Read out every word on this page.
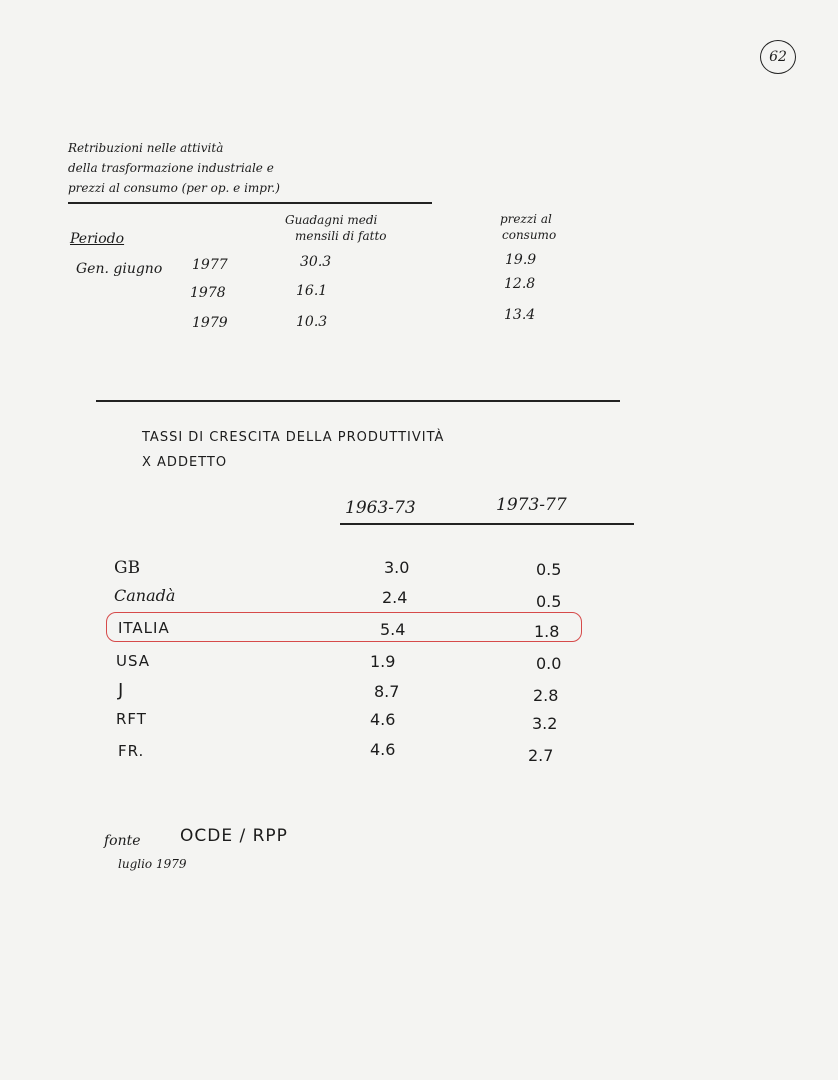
62
Retribuzioni nelle attività
della trasformazione industriale e
prezzi al consumo (per op. e impr.)
Periodo
Guadagni medi
mensili di fatto
prezzi al
consumo
Gen. giugno 1977	30.3	19.9
1978	16.1	12.8
1979	10.3	13.4
TASSI DI CRESCITA DELLA PRODUTTIVITÀ
X ADDETTO
1963-73	1973-77
GB	3.0	0.5
Canadà	2.4	0.5
ITALIA	5.4	1.8
USA	1.9	0.0
J	8.7	2.8
RFT	4.6	3.2
FR.	4.6	2.7
fonte OCDE / RPP
luglio 1979
